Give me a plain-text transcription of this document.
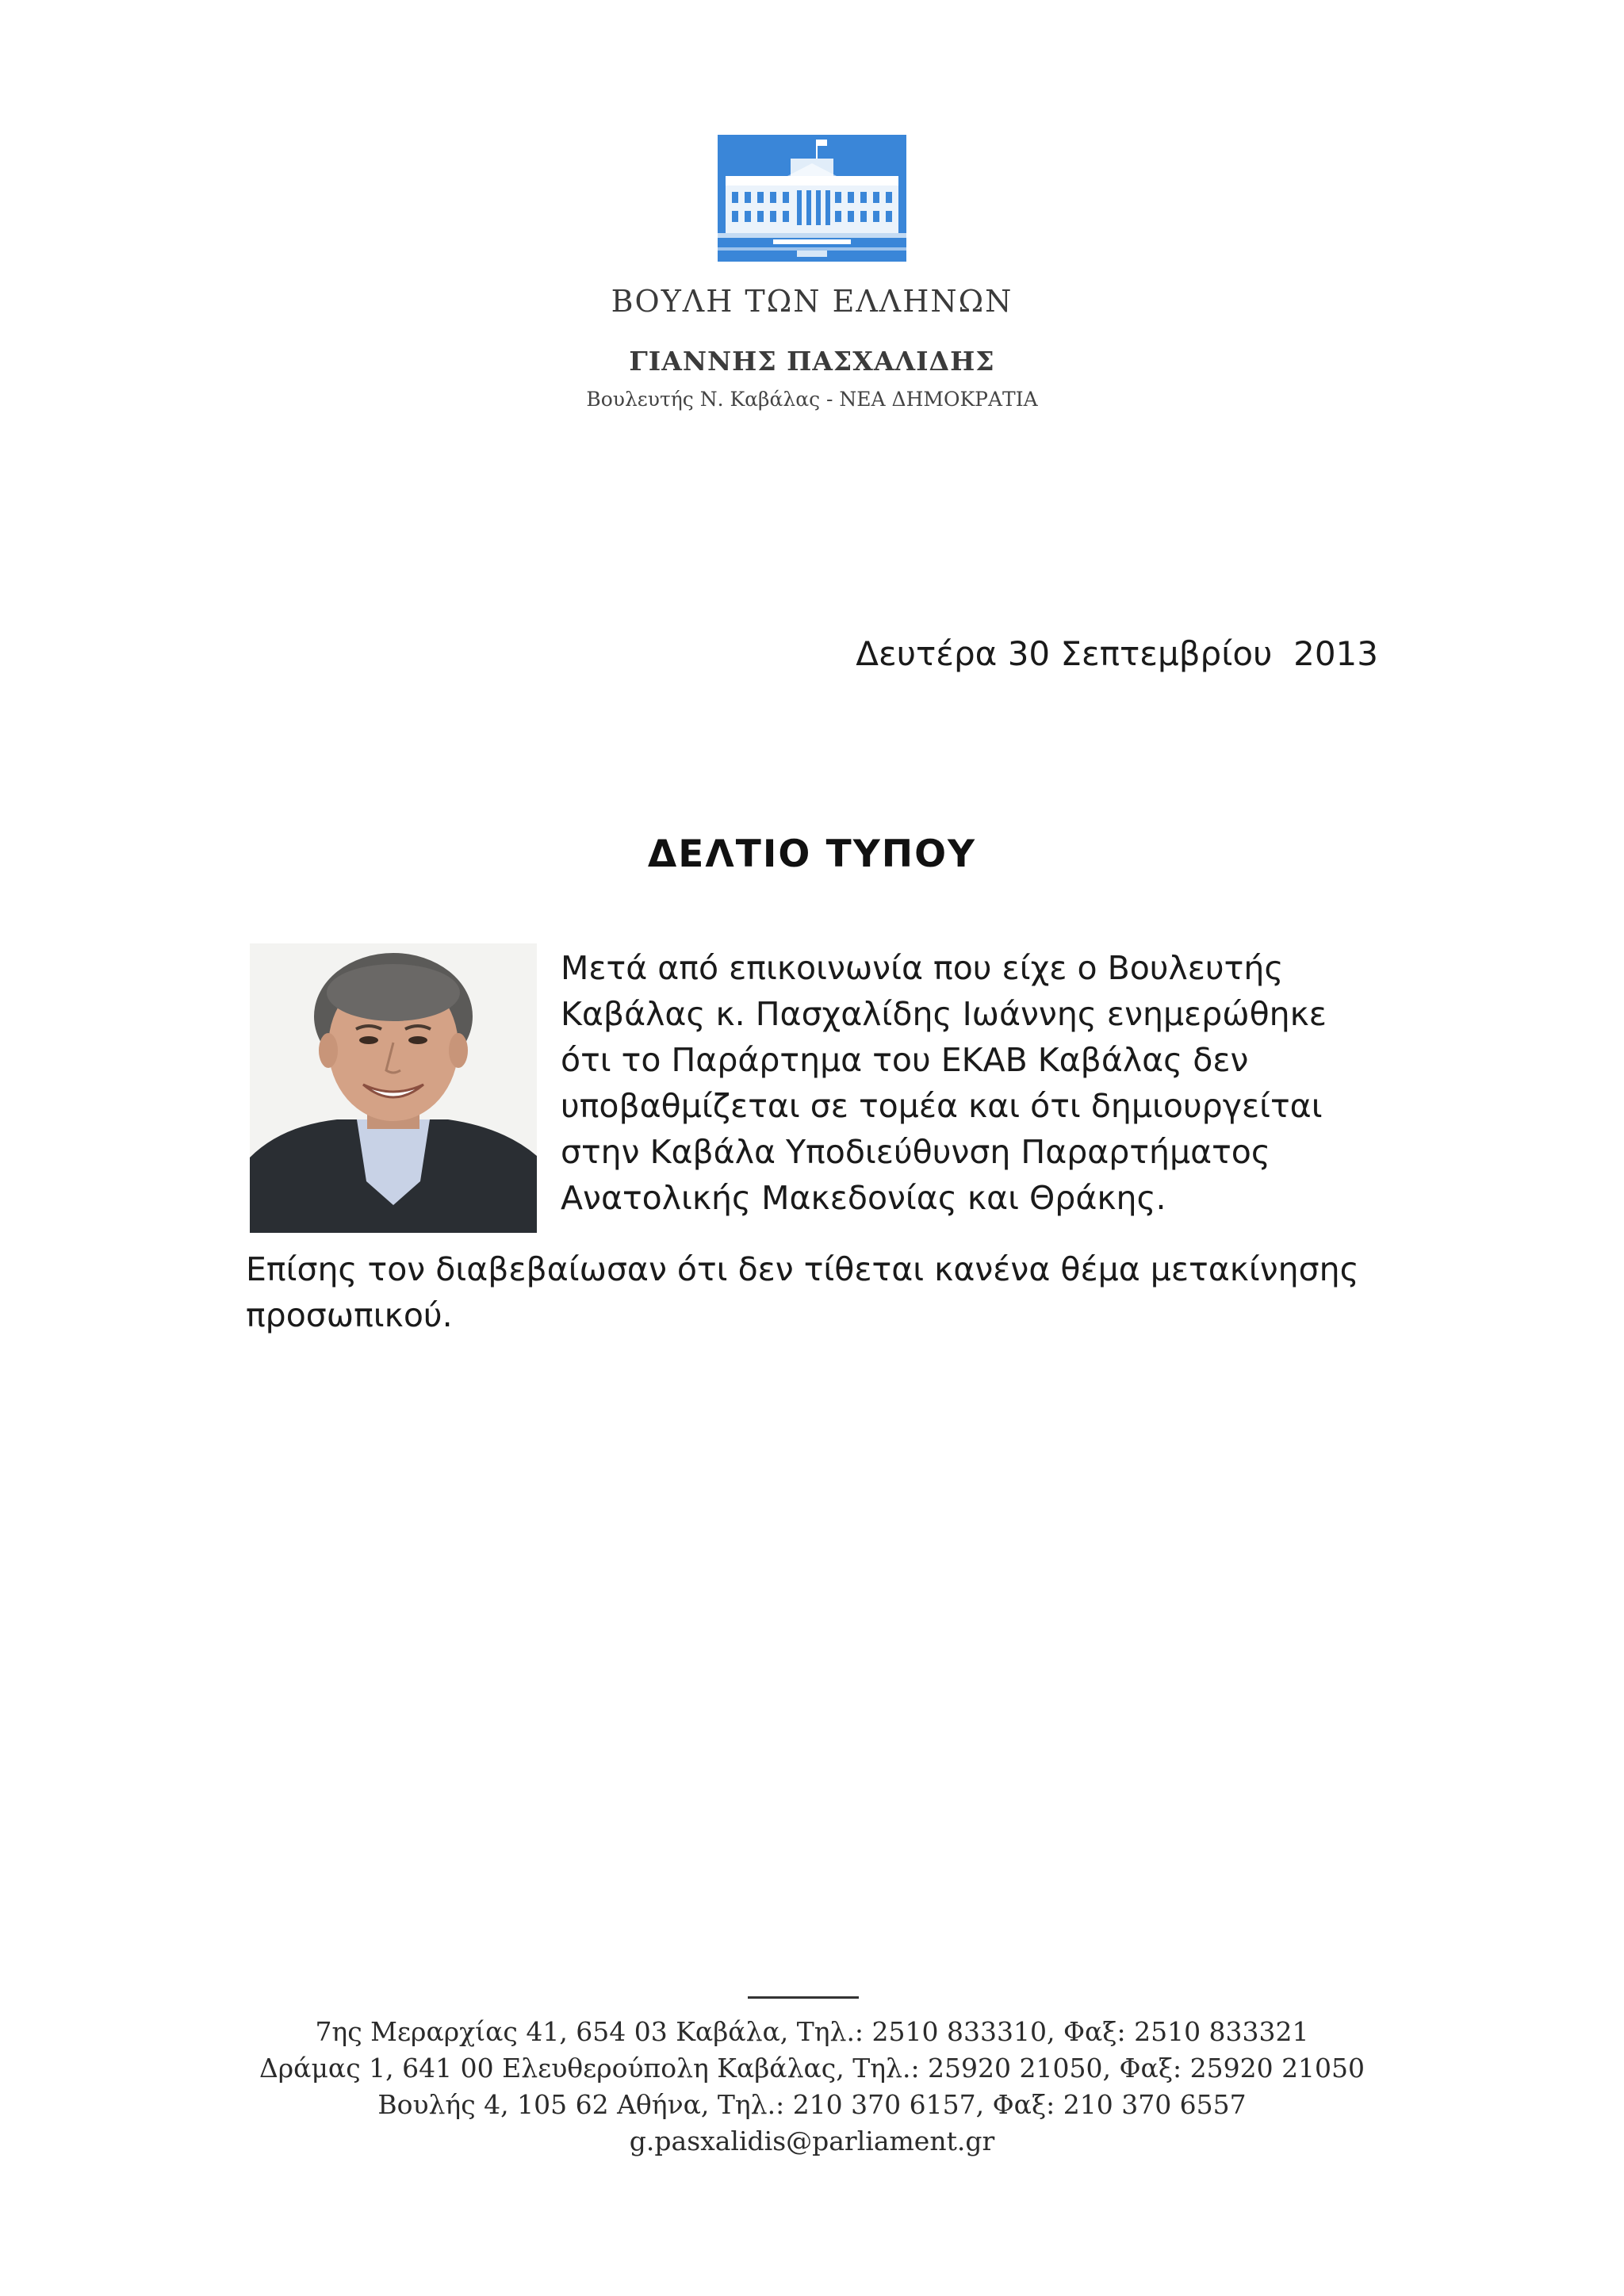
ΒΟΥΛΗ ΤΩΝ ΕΛΛΗΝΩΝ
ΓΙΑΝΝΗΣ ΠΑΣΧΑΛΙΔΗΣ
Βουλευτής Ν. Καβάλας - ΝΕΑ ΔΗΜΟΚΡΑΤΙΑ
Δευτέρα 30 Σεπτεμβρίου  2013
ΔΕΛΤΙΟ ΤΥΠΟΥ
Μετά από επικοινωνία που είχε ο Βουλευτής
Καβάλας κ. Πασχαλίδης Ιωάννης ενημερώθηκε
ότι το Παράρτημα του ΕΚΑΒ Καβάλας δεν
υποβαθμίζεται σε τομέα και ότι δημιουργείται
στην Καβάλα Υποδιεύθυνση Παραρτήματος
Ανατολικής Μακεδονίας και Θράκης.
Επίσης τον διαβεβαίωσαν ότι δεν τίθεται κανένα θέμα μετακίνησης
προσωπικού.
7ης Μεραρχίας 41, 654 03 Καβάλα, Τηλ.: 2510 833310, Φαξ: 2510 833321
Δράμας 1, 641 00 Ελευθερούπολη Καβάλας, Τηλ.: 25920 21050, Φαξ: 25920 21050
Βουλής 4, 105 62 Αθήνα, Τηλ.: 210 370 6157, Φαξ: 210 370 6557
g.pasxalidis@parliament.gr
